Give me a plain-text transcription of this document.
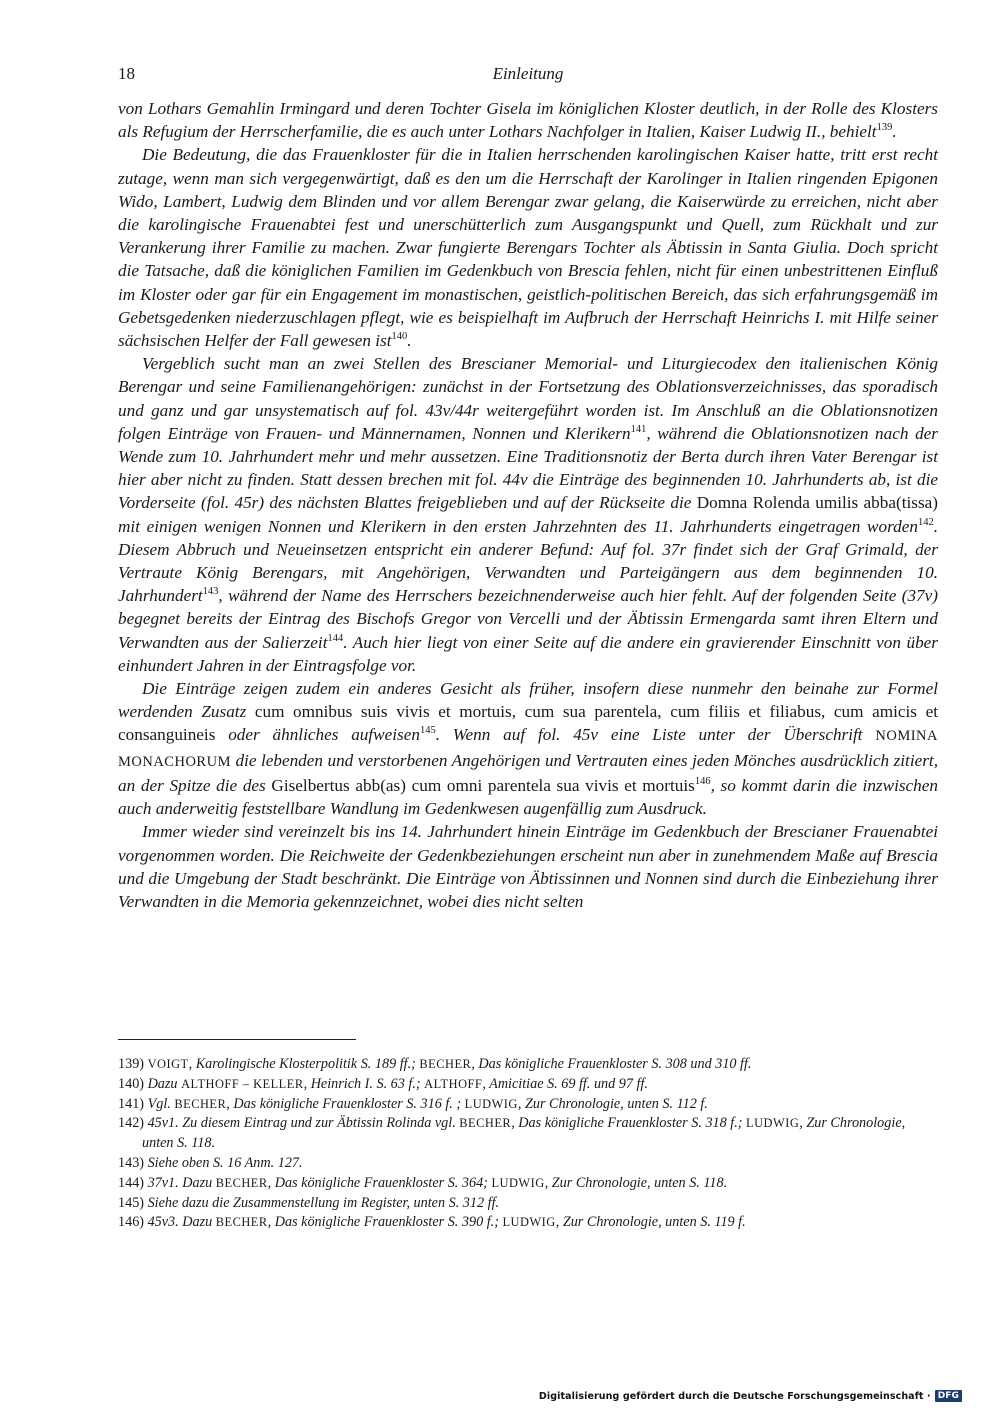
18	Einleitung

von Lothars Gemahlin Irmingard und deren Tochter Gisela im königlichen Kloster deutlich, in der Rolle des Klosters als Refugium der Herrscherfamilie, die es auch unter Lothars Nachfolger in Italien, Kaiser Ludwig II., behielt$^{139}$.

Die Bedeutung, die das Frauenkloster für die in Italien herrschenden karolingischen Kaiser hatte, tritt erst recht zutage, wenn man sich vergegenwärtigt, daß es den um die Herrschaft der Karolinger in Italien ringenden Epigonen Wido, Lambert, Ludwig dem Blinden und vor allem Berengar zwar gelang, die Kaiserwürde zu erreichen, nicht aber die karolingische Frauenabtei fest und unerschütterlich zum Ausgangspunkt und Quell, zum Rückhalt und zur Verankerung ihrer Familie zu machen. Zwar fungierte Berengars Tochter als Äbtissin in Santa Giulia. Doch spricht die Tatsache, daß die königlichen Familien im Gedenkbuch von Brescia fehlen, nicht für einen unbestrittenen Einfluß im Kloster oder gar für ein Engagement im monastischen, geistlich-politischen Bereich, das sich erfahrungsgemäß im Gebetsgedenken niederzuschlagen pflegt, wie es beispielhaft im Aufbruch der Herrschaft Heinrichs I. mit Hilfe seiner sächsischen Helfer der Fall gewesen ist$^{140}$.

Vergeblich sucht man an zwei Stellen des Brescianer Memorial- und Liturgiecodex den italienischen König Berengar und seine Familienangehörigen: zunächst in der Fortsetzung des Oblationsverzeichnisses, das sporadisch und ganz und gar unsystematisch auf fol. 43v/44r weitergeführt worden ist. Im Anschluß an die Oblationsnotizen folgen Einträge von Frauen- und Männernamen, Nonnen und Klerikern$^{141}$, während die Oblationsnotizen nach der Wende zum 10. Jahrhundert mehr und mehr aussetzen. Eine Traditionsnotiz der Berta durch ihren Vater Berengar ist hier aber nicht zu finden. Statt dessen brechen mit fol. 44v die Einträge des beginnenden 10. Jahrhunderts ab, ist die Vorderseite (fol. 45r) des nächsten Blattes freigeblieben und auf der Rückseite die Domna Rolenda umilis abba(tissa) mit einigen wenigen Nonnen und Klerikern in den ersten Jahrzehnten des 11. Jahrhunderts eingetragen worden$^{142}$. Diesem Abbruch und Neueinsetzen entspricht ein anderer Befund: Auf fol. 37r findet sich der Graf Grimald, der Vertraute König Berengars, mit Angehörigen, Verwandten und Parteigängern aus dem beginnenden 10. Jahrhundert$^{143}$, während der Name des Herrschers bezeichnenderweise auch hier fehlt. Auf der folgenden Seite (37v) begegnet bereits der Eintrag des Bischofs Gregor von Vercelli und der Äbtissin Ermengarda samt ihren Eltern und Verwandten aus der Salierzeit$^{144}$. Auch hier liegt von einer Seite auf die andere ein gravierender Einschnitt von über einhundert Jahren in der Eintragsfolge vor.

Die Einträge zeigen zudem ein anderes Gesicht als früher, insofern diese nunmehr den beinahe zur Formel werdenden Zusatz cum omnibus suis vivis et mortuis, cum sua parentela, cum filiis et filiabus, cum amicis et consanguineis oder ähnliches aufweisen$^{145}$. Wenn auf fol. 45v eine Liste unter der Überschrift NOMINA MONACHORUM die lebenden und verstorbenen Angehörigen und Vertrauten eines jeden Mönches ausdrücklich zitiert, an der Spitze die des Giselbertus abb(as) cum omni parentela sua vivis et mortuis$^{146}$, so kommt darin die inzwischen auch anderweitig feststellbare Wandlung im Gedenkwesen augenfällig zum Ausdruck.

Immer wieder sind vereinzelt bis ins 14. Jahrhundert hinein Einträge im Gedenkbuch der Brescianer Frauenabtei vorgenommen worden. Die Reichweite der Gedenkbeziehungen erscheint nun aber in zunehmendem Maße auf Brescia und die Umgebung der Stadt beschränkt. Die Einträge von Äbtissinnen und Nonnen sind durch die Einbeziehung ihrer Verwandten in die Memoria gekennzeichnet, wobei dies nicht selten

139) VOIGT, Karolingische Klosterpolitik S. 189 ff.; BECHER, Das königliche Frauenkloster S. 308 und 310 ff.

140) Dazu ALTHOFF – KELLER, Heinrich I. S. 63 f.; ALTHOFF, Amicitiae S. 69 ff. und 97 ff.

141) Vgl. BECHER, Das königliche Frauenkloster S. 316 f. ; LUDWIG, Zur Chronologie, unten S. 112 f.

142) 45v1. Zu diesem Eintrag und zur Äbtissin Rolinda vgl. BECHER, Das königliche Frauenkloster S. 318 f.; LUDWIG, Zur Chronologie, unten S. 118.

143) Siehe oben S. 16 Anm. 127.

144) 37v1. Dazu BECHER, Das königliche Frauenkloster S. 364; LUDWIG, Zur Chronologie, unten S. 118.

145) Siehe dazu die Zusammenstellung im Register, unten S. 312 ff.

146) 45v3. Dazu BECHER, Das königliche Frauenkloster S. 390 f.; LUDWIG, Zur Chronologie, unten S. 119 f.

Digitalisierung gefördert durch die Deutsche Forschungsgemeinschaft · DFG
